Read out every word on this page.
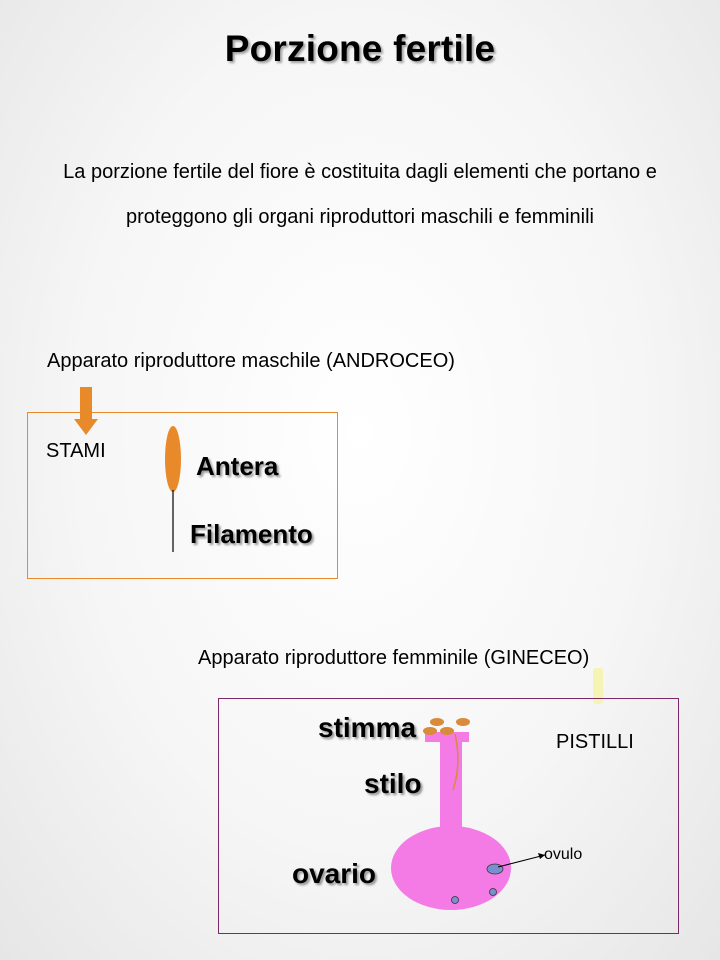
Porzione fertile
La porzione fertile del fiore è costituita dagli elementi che portano e proteggono gli organi riproduttori maschili e femminili
Apparato riproduttore maschile (ANDROCEO)
STAMI	Antera
Filamento
Apparato riproduttore femminile (GINECEO)
PISTILLI
stimma
stilo
ovario
ovulo
